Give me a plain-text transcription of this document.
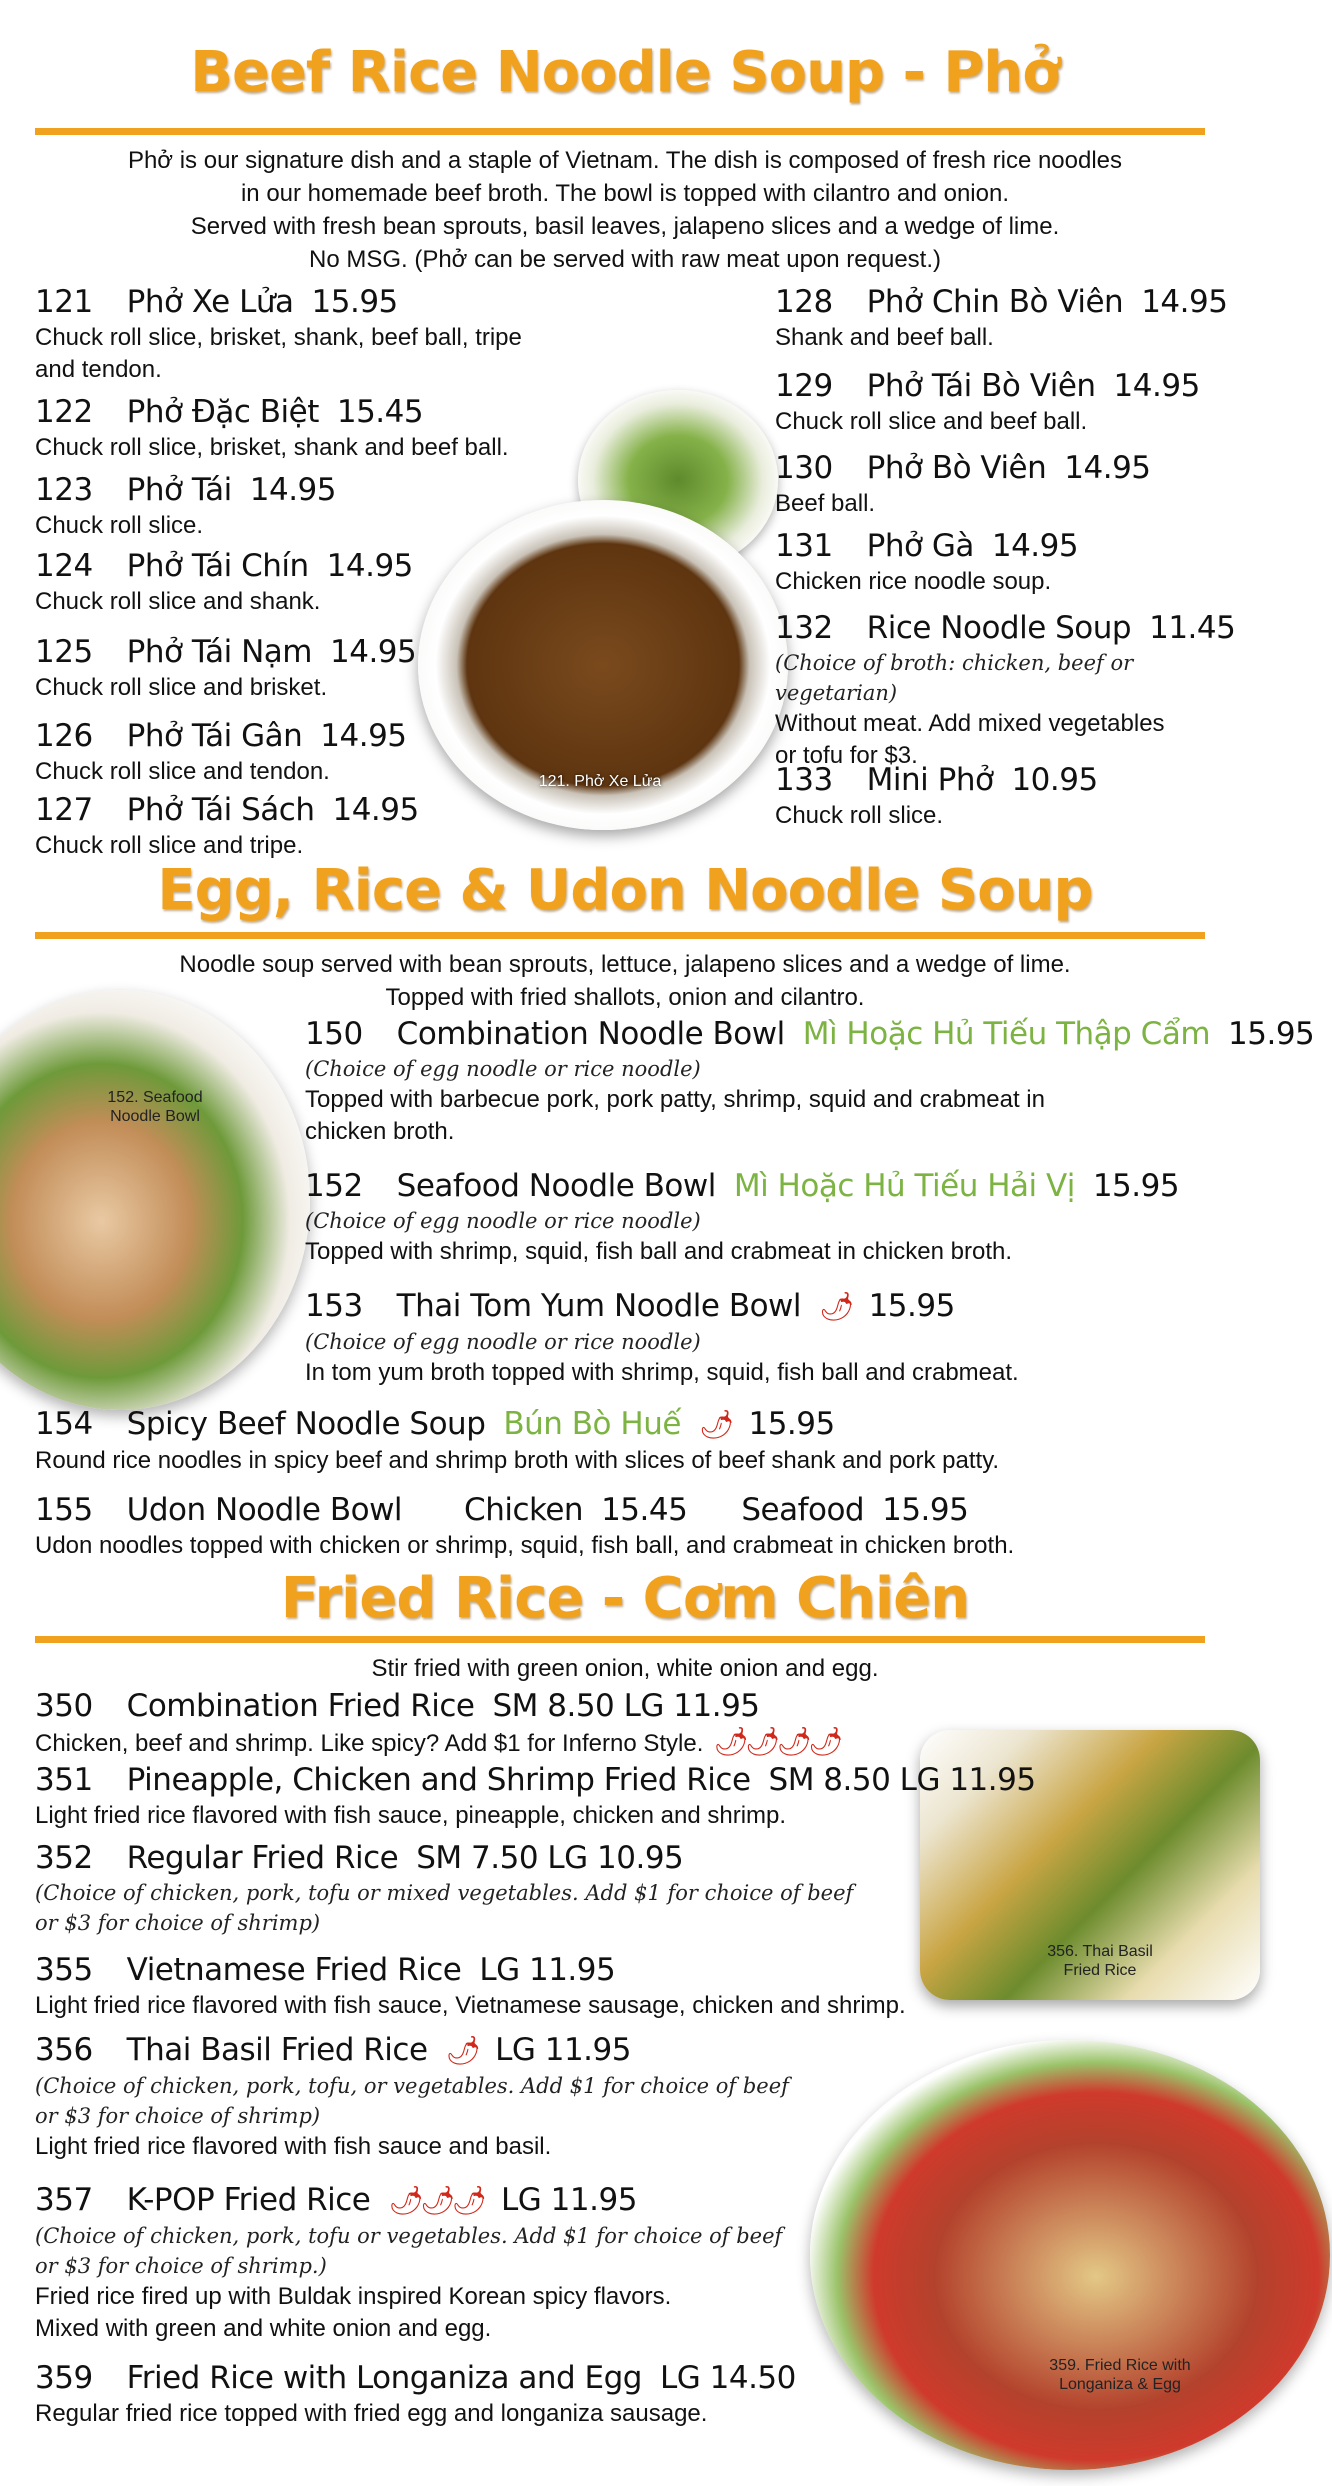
Beef Rice Noodle Soup - Phở
Phở is our signature dish and a staple of Vietnam. The dish is composed of fresh rice noodles
in our homemade beef broth. The bowl is topped with cilantro and onion.
Served with fresh bean sprouts, basil leaves, jalapeno slices and a wedge of lime.
No MSG. (Phở can be served with raw meat upon request.)
121. Phở Xe Lửa
121 Phở Xe Lửa 15.95
Chuck roll slice, brisket, shank, beef ball, tripe
and tendon.
122 Phở Đặc Biệt 15.45
Chuck roll slice, brisket, shank and beef ball.
123 Phở Tái 14.95
Chuck roll slice.
124 Phở Tái Chín 14.95
Chuck roll slice and shank.
125 Phở Tái Nạm 14.95
Chuck roll slice and brisket.
126 Phở Tái Gân 14.95
Chuck roll slice and tendon.
127 Phở Tái Sách 14.95
Chuck roll slice and tripe.
128 Phở Chin Bò Viên 14.95
Shank and beef ball.
129 Phở Tái Bò Viên 14.95
Chuck roll slice and beef ball.
130 Phở Bò Viên 14.95
Beef ball.
131 Phở Gà 14.95
Chicken rice noodle soup.
132 Rice Noodle Soup 11.45
(Choice of broth: chicken, beef or vegetarian)
Without meat. Add mixed vegetables
or tofu for $3.
133 Mini Phở 10.95
Chuck roll slice.
Egg, Rice & Udon Noodle Soup
Noodle soup served with bean sprouts, lettuce, jalapeno slices and a wedge of lime.
Topped with fried shallots, onion and cilantro.
152. Seafood Noodle Bowl
150 Combination Noodle Bowl Mì Hoặc Hủ Tiếu Thập Cẩm 15.95
(Choice of egg noodle or rice noodle)
Topped with barbecue pork, pork patty, shrimp, squid and crabmeat in
chicken broth.
152 Seafood Noodle Bowl Mì Hoặc Hủ Tiếu Hải Vị 15.95
(Choice of egg noodle or rice noodle)
Topped with shrimp, squid, fish ball and crabmeat in chicken broth.
153 Thai Tom Yum Noodle Bowl 🌶 15.95
(Choice of egg noodle or rice noodle)
In tom yum broth topped with shrimp, squid, fish ball and crabmeat.
154 Spicy Beef Noodle Soup Bún Bò Huế 🌶 15.95
Round rice noodles in spicy beef and shrimp broth with slices of beef shank and pork patty.
155 Udon Noodle Bowl Chicken 15.45 Seafood 15.95
Udon noodles topped with chicken or shrimp, squid, fish ball, and crabmeat in chicken broth.
Fried Rice - Cơm Chiên
Stir fried with green onion, white onion and egg.
356. Thai Basil Fried Rice
359. Fried Rice with Longaniza & Egg
350 Combination Fried Rice SM 8.50 LG 11.95
Chicken, beef and shrimp. Like spicy? Add $1 for Inferno Style. 🌶🌶🌶🌶
351 Pineapple, Chicken and Shrimp Fried Rice SM 8.50 LG 11.95
Light fried rice flavored with fish sauce, pineapple, chicken and shrimp.
352 Regular Fried Rice SM 7.50 LG 10.95
(Choice of chicken, pork, tofu or mixed vegetables. Add $1 for choice of beef
or $3 for choice of shrimp)
355 Vietnamese Fried Rice LG 11.95
Light fried rice flavored with fish sauce, Vietnamese sausage, chicken and shrimp.
356 Thai Basil Fried Rice 🌶 LG 11.95
(Choice of chicken, pork, tofu, or vegetables. Add $1 for choice of beef
or $3 for choice of shrimp)
Light fried rice flavored with fish sauce and basil.
357 K-POP Fried Rice 🌶🌶🌶 LG 11.95
(Choice of chicken, pork, tofu or vegetables. Add $1 for choice of beef
or $3 for choice of shrimp.)
Fried rice fired up with Buldak inspired Korean spicy flavors.
Mixed with green and white onion and egg.
359 Fried Rice with Longaniza and Egg LG 14.50
Regular fried rice topped with fried egg and longaniza sausage.
